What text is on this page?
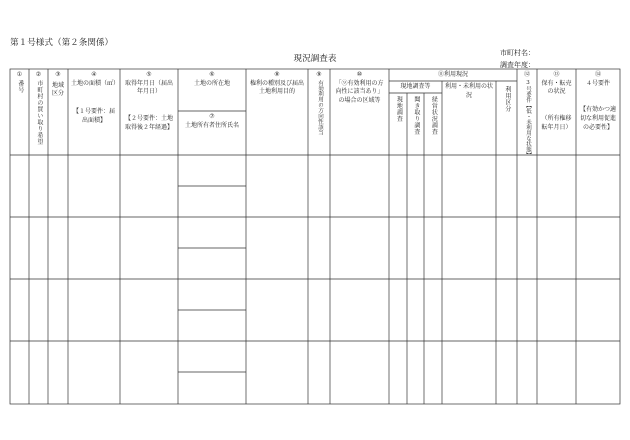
第１号様式（第２条関係）
現況調査表
市町村名：
調査年度：
①
番号
②
市町村の買い取り希望
③
地域区分
④
土地の面積（㎡）
【１号要件：届出面積】
⑤
取得年月日（届出年月日）
【２号要件：土地取得後２年経過】
⑥
土地の所在地
⑦
土地所有者住所氏名
⑧
権利の種別及び届出土地利用目的
⑨
有効利用の方向性該当
⑩
「⑨有効利用の方向性に該当あり」の場合の区域等
⑪利用現況
現地調査等
現地調査 聞き取り調査 経営状況調査
利用・未利用の状況	利用区分
⑫
3号要件【低・未利用な状態】
⑬
保有・転売の状況
（所有権移転年月日）
⑭
４号要件
【有効かつ適切な利用促進の必要性】
